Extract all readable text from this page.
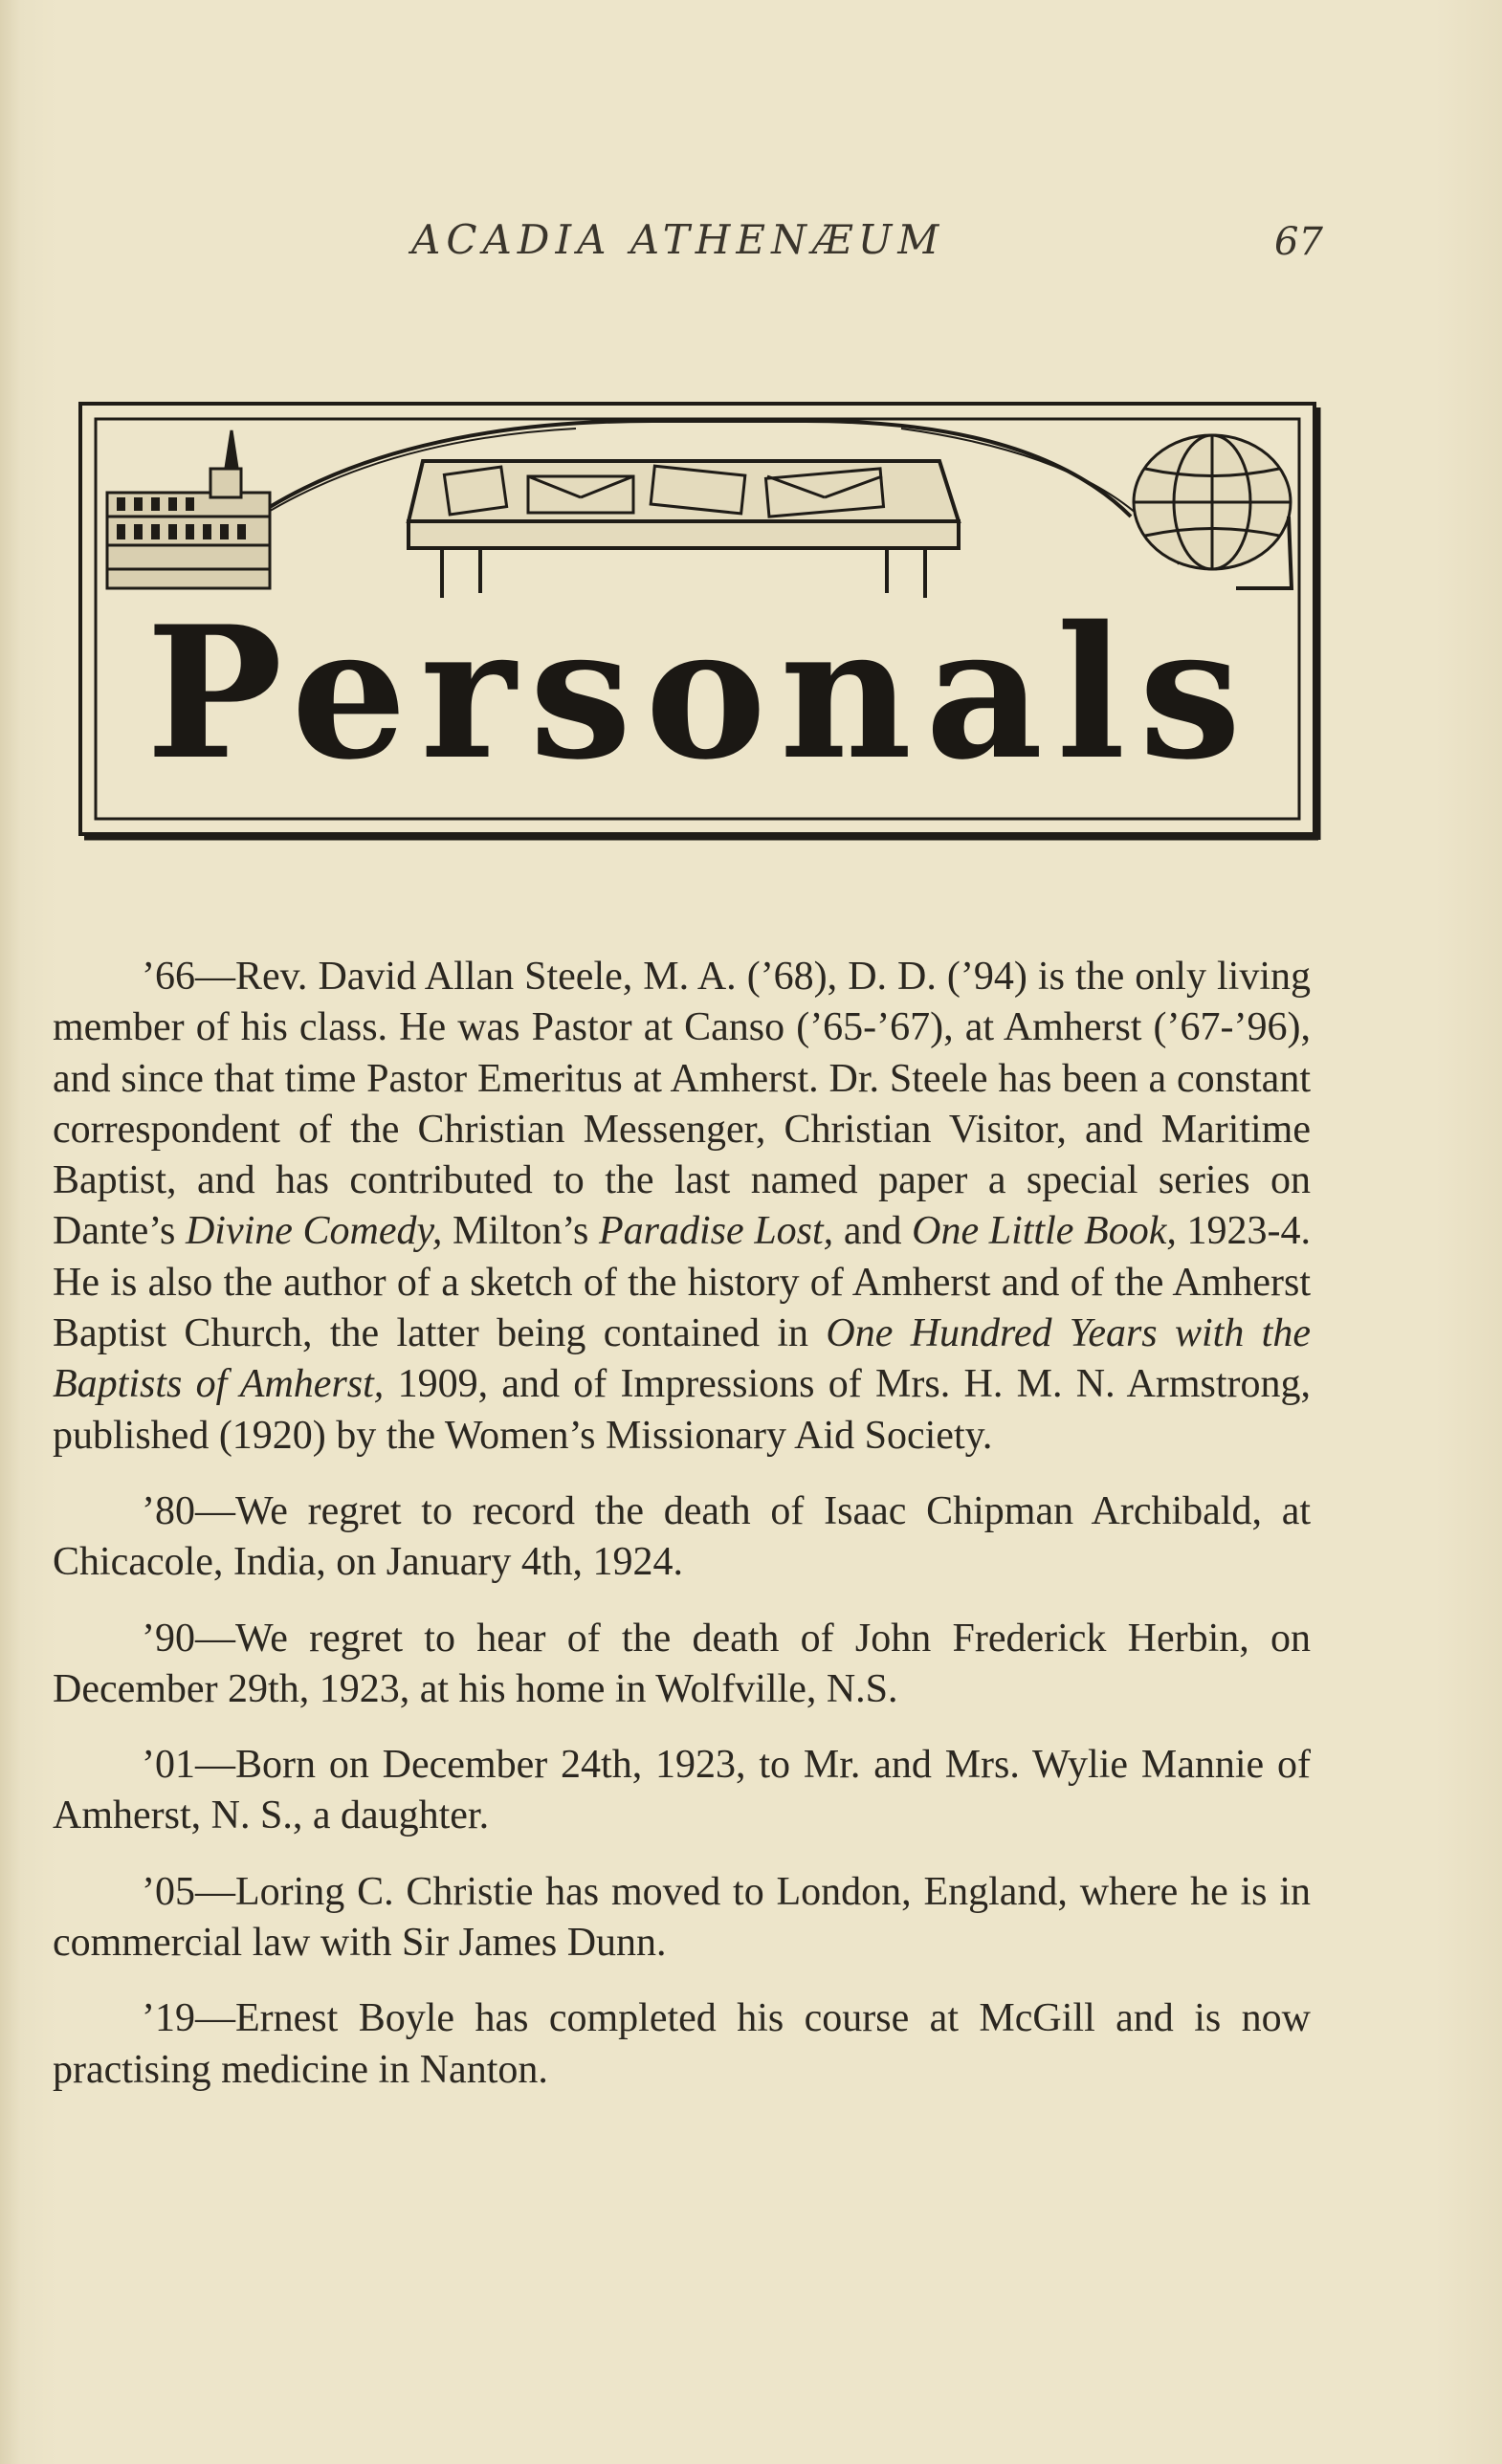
ACADIA ATHENÆUM	67
Personals

’66—Rev. David Allan Steele, M. A. (’68), D. D. (’94) is the only living member of his class. He was Pastor at Canso (’65-’67), at Amherst (’67-’96), and since that time Pastor Emeritus at Amherst. Dr. Steele has been a constant correspondent of the Christian Messenger, Christian Visitor, and Maritime Baptist, and has contributed to the last named paper a special series on Dante’s Divine Comedy, Milton’s Paradise Lost, and One Little Book, 1923-4. He is also the author of a sketch of the history of Amherst and of the Amherst Baptist Church, the latter being contained in One Hundred Years with the Baptists of Amherst, 1909, and of Impressions of Mrs. H. M. N. Armstrong, published (1920) by the Women’s Missionary Aid Society.

’80—We regret to record the death of Isaac Chipman Archibald, at Chicacole, India, on January 4th, 1924.

’90—We regret to hear of the death of John Frederick Herbin, on December 29th, 1923, at his home in Wolfville, N.S.

’01—Born on December 24th, 1923, to Mr. and Mrs. Wylie Mannie of Amherst, N. S., a daughter.

’05—Loring C. Christie has moved to London, England, where he is in commercial law with Sir James Dunn.

’19—Ernest Boyle has completed his course at McGill and is now practising medicine in Nanton.
